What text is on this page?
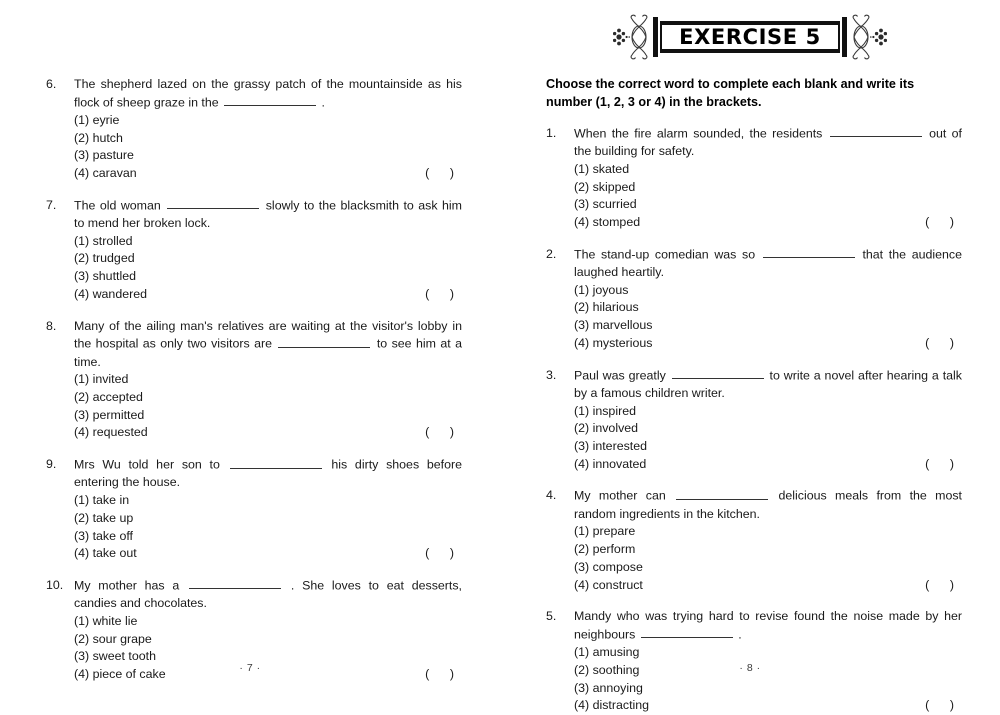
6.	The shepherd lazed on the grassy patch of the mountainside as his flock of sheep graze in the	.
(1) eyrie
(2) hutch
(3) pasture
(4) caravan	(      )
7.	The old woman	slowly to the blacksmith to ask him to mend her broken lock.
(1) strolled
(2) trudged
(3) shuttled
(4) wandered	(      )
8.	Many of the ailing man's relatives are waiting at the visitor's lobby in the hospital as only two visitors are	to see him at a time.
(1) invited
(2) accepted
(3) permitted
(4) requested	(      )
9.	Mrs Wu told her son to	his dirty shoes before entering the house.
(1) take in
(2) take up
(3) take off
(4) take out	(      )
10. My mother has a	. She loves to eat desserts, candies and chocolates.
(1) white lie
(2) sour grape
(3) sweet tooth
(4) piece of cake	(      )
· 7 ·
EXERCISE 5
Choose the correct word to complete each blank and write its number (1, 2, 3 or 4) in the brackets.
1.	When the fire alarm sounded, the residents	out of the building for safety.
(1) skated
(2) skipped
(3) scurried
(4) stomped	(      )
2.	The stand-up comedian was so	that the audience laughed heartily.
(1) joyous
(2) hilarious
(3) marvellous
(4) mysterious	(      )
3.	Paul was greatly	to write a novel after hearing a talk by a famous children writer.
(1) inspired
(2) involved
(3) interested
(4) innovated	(      )
4.	My mother can	delicious meals from the most random ingredients in the kitchen.
(1) prepare
(2) perform
(3) compose
(4) construct	(      )
5.	Mandy who was trying hard to revise found the noise made by her neighbours	.
(1) amusing
(2) soothing
(3) annoying
(4) distracting	(      )
· 8 ·
